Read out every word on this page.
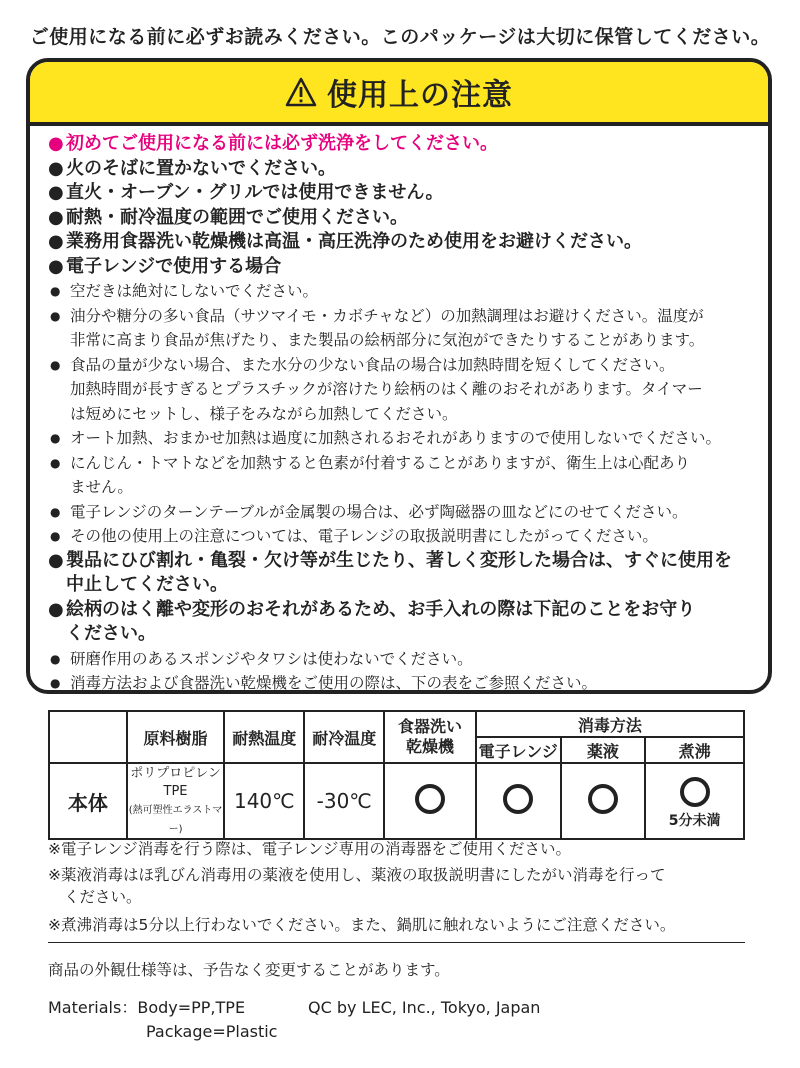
ご使用になる前に必ずお読みください。このパッケージは大切に保管してください。
使用上の注意
● 初めてご使用になる前には必ず洗浄をしてください。
● 火のそばに置かないでください。
● 直火・オーブン・グリルでは使用できません。
● 耐熱・耐冷温度の範囲でご使用ください。
● 業務用食器洗い乾燥機は高温・高圧洗浄のため使用をお避けください。
● 電子レンジで使用する場合
● 空だきは絶対にしないでください。
● 油分や糖分の多い食品（サツマイモ・カボチャなど）の加熱調理はお避けください。温度が
非常に高まり食品が焦げたり、また製品の絵柄部分に気泡ができたりすることがあります。
● 食品の量が少ない場合、また水分の少ない食品の場合は加熱時間を短くしてください。
加熱時間が長すぎるとプラスチックが溶けたり絵柄のはく離のおそれがあります。タイマー
は短めにセットし、様子をみながら加熱してください。
● オート加熱、おまかせ加熱は過度に加熱されるおそれがありますので使用しないでください。
● にんじん・トマトなどを加熱すると色素が付着することがありますが、衛生上は心配あり
ません。
● 電子レンジのターンテーブルが金属製の場合は、必ず陶磁器の皿などにのせてください。
● その他の使用上の注意については、電子レンジの取扱説明書にしたがってください。
● 製品にひび割れ・亀裂・欠け等が生じたり、著しく変形した場合は、すぐに使用を
中止してください。
● 絵柄のはく離や変形のおそれがあるため、お手入れの際は下記のことをお守り
ください。
● 研磨作用のあるスポンジやタワシは使わないでください。
● 消毒方法および食器洗い乾燥機をご使用の際は、下の表をご参照ください。
	原料樹脂	耐熱温度	耐冷温度	食器洗い
乾燥機	消毒方法		
					電子レンジ	薬液	煮沸
本体	ポリプロピレン
TPE
(熱可塑性エラストマー)	140℃	-30℃				5分未満
※電子レンジ消毒を行う際は、電子レンジ専用の消毒器をご使用ください。
※薬液消毒はほ乳びん消毒用の薬液を使用し、薬液の取扱説明書にしたがい消毒を行って
ください。
※煮沸消毒は5分以上行わないでください。また、鍋肌に触れないようにご注意ください。
商品の外観仕様等は、予告なく変更することがあります。
Materials：Body=PP,TPE
Package=Plastic
QC by LEC, Inc., Tokyo, Japan
